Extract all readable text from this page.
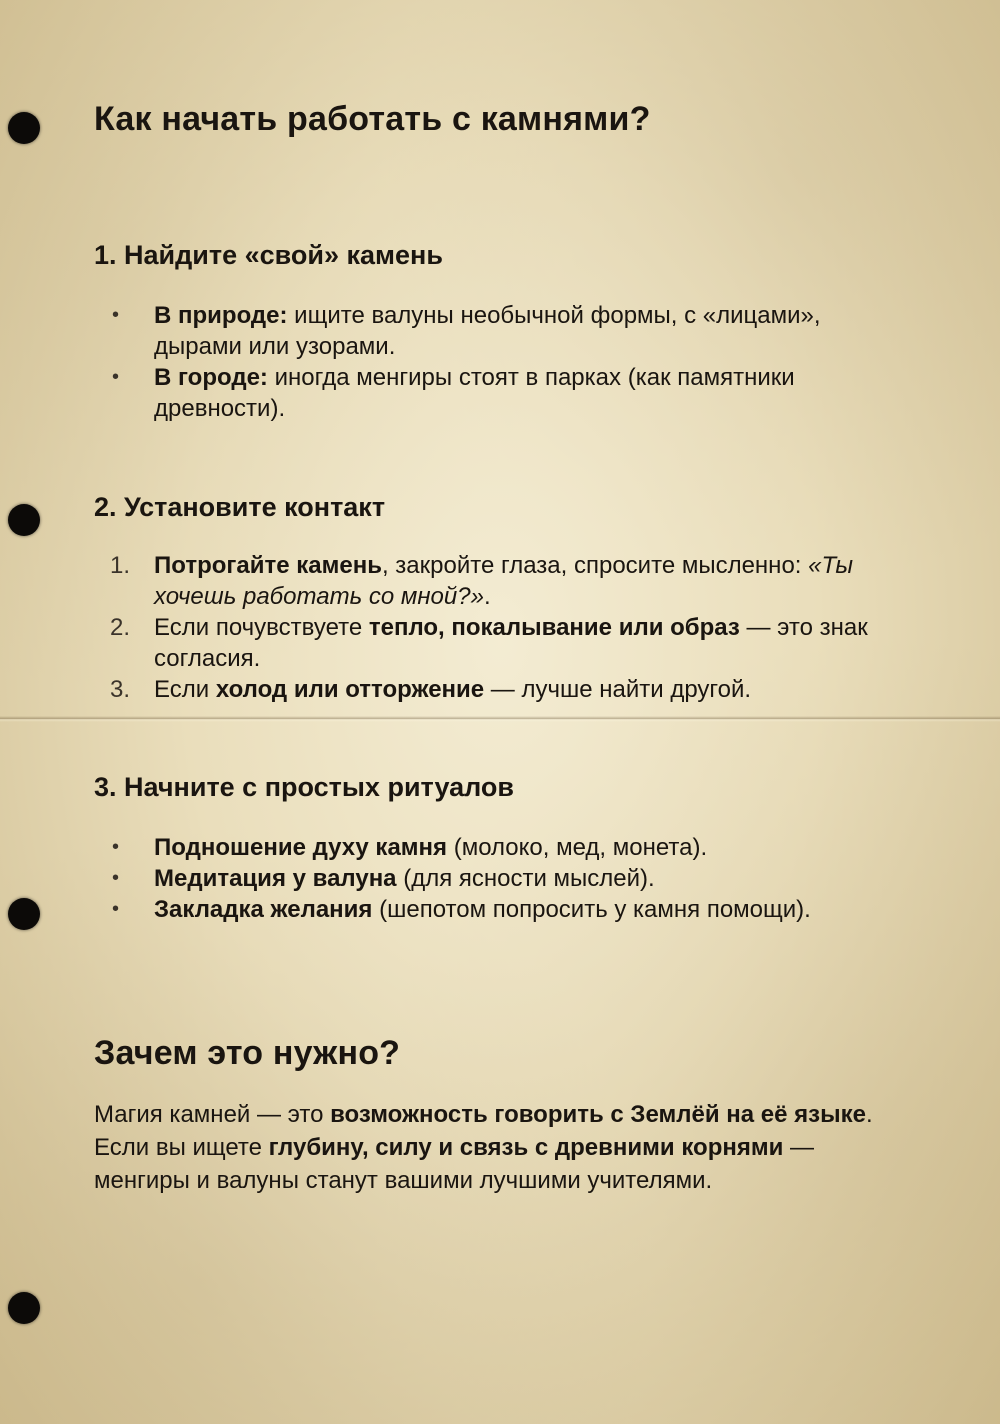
Как начать работать с камнями?
1. Найдите «свой» камень
• В природе: ищите валуны необычной формы, с «лицами», дырами или узорами.
• В городе: иногда менгиры стоят в парках (как памятники древности).
2. Установите контакт
1. Потрогайте камень, закройте глаза, спросите мысленно: «Ты хочешь работать со мной?».
2. Если почувствуете тепло, покалывание или образ — это знак согласия.
3. Если холод или отторжение — лучше найти другой.
3. Начните с простых ритуалов
• Подношение духу камня (молоко, мед, монета).
• Медитация у валуна (для ясности мыслей).
• Закладка желания (шепотом попросить у камня помощи).
Зачем это нужно?

Магия камней — это возможность говорить с Землёй на её языке. Если вы ищете глубину, силу и связь с древними корнями — менгиры и валуны станут вашими лучшими учителями.
